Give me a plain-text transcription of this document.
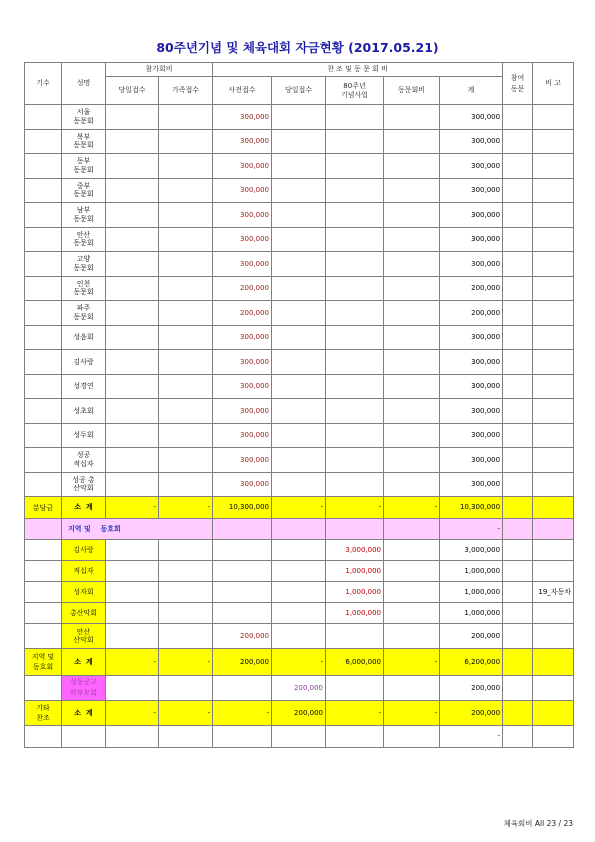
80주년기념 및 체육대회 자금현황 (2017.05.21)
기수	성명	참가회비		찬 조 및 동 문 회 비					참여
동문	비 고
		당일접수	가족접수	사전접수	당일접수	80주년
기념사업	동문회비	계		
	서울
동문회			300,000				300,000		
	북부
동문회			300,000				300,000		
	동부
동문회			300,000				300,000		
	중부
동문회			300,000				300,000		
	남부
동문회			300,000				300,000		
	안산
동문회			300,000				300,000		
	고양
동문회			300,000				300,000		
	인천
동문회			200,000				200,000		
	파주
동문회			200,000				200,000		
	성음회			300,000				300,000		
	김사랑			300,000				300,000		
	성경연			300,000				300,000		
	성초회			300,000				300,000		
	성두회			300,000				300,000		
	성공
적십자			300,000				300,000		
	성공 총
산악회			300,000				300,000		
분담금	소  계	-	-	10,300,000	-	-	-	10,300,000		
	지역 및    동호회							-		
	김사랑					3,000,000		3,000,000		
	적십자					1,000,000		1,000,000		
	성자회					1,000,000		1,000,000		19_자동차
	총산악회					1,000,000		1,000,000		
	안산
산악회			200,000				200,000		
지역 및
동호회	소  계	-	-	200,000	-	6,000,000	-	6,200,000		
	성동공고
학부모회				200,000			200,000		
기타
찬조	소  계	-	-	-	200,000	-	-	200,000		
								-		
체육회비 All 23 / 23
